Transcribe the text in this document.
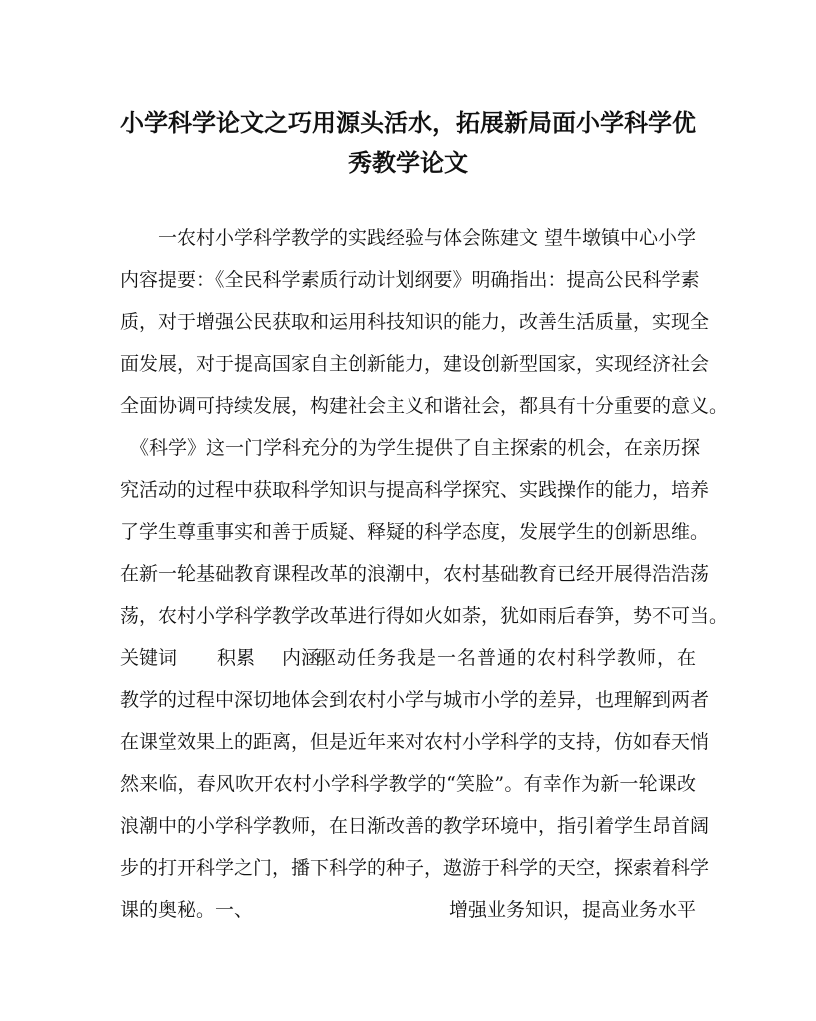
小学科学论文之巧用源头活水，拓展新局面小学科学优
秀教学论文
一农村小学科学教学的实践经验与体会陈建文 望牛墩镇中心小学
内容提要：《全民科学素质行动计划纲要》明确指出：提高公民科学素
质，对于增强公民获取和运用科技知识的能力，改善生活质量，实现全
面发展，对于提高国家自主创新能力，建设创新型国家，实现经济社会
全面协调可持续发展，构建社会主义和谐社会，都具有十分重要的意义。
《科学》这一门学科充分的为学生提供了自主探索的机会，在亲历探
究活动的过程中获取科学知识与提高科学探究、实践操作的能力，培养
了学生尊重事实和善于质疑、释疑的科学态度，发展学生的创新思维。
在新一轮基础教育课程改革的浪潮中，农村基础教育已经开展得浩浩荡
荡，农村小学科学教学改革进行得如火如荼，犹如雨后春笋，势不可当。
关键词 积累 内涵
驱动任务我是一名普通的农村科学教师，在
教学的过程中深切地体会到农村小学与城市小学的差异，也理解到两者
在课堂效果上的距离，但是近年来对农村小学科学的支持，仿如春天悄
然来临，春风吹开农村小学科学教学的“笑脸”。有幸作为新一轮课改
浪潮中的小学科学教师，在日渐改善的教学环境中，指引着学生昂首阔
步的打开科学之门，播下科学的种子，遨游于科学的天空，探索着科学
课的奥秘。一、	增强业务知识，提高业务水平
